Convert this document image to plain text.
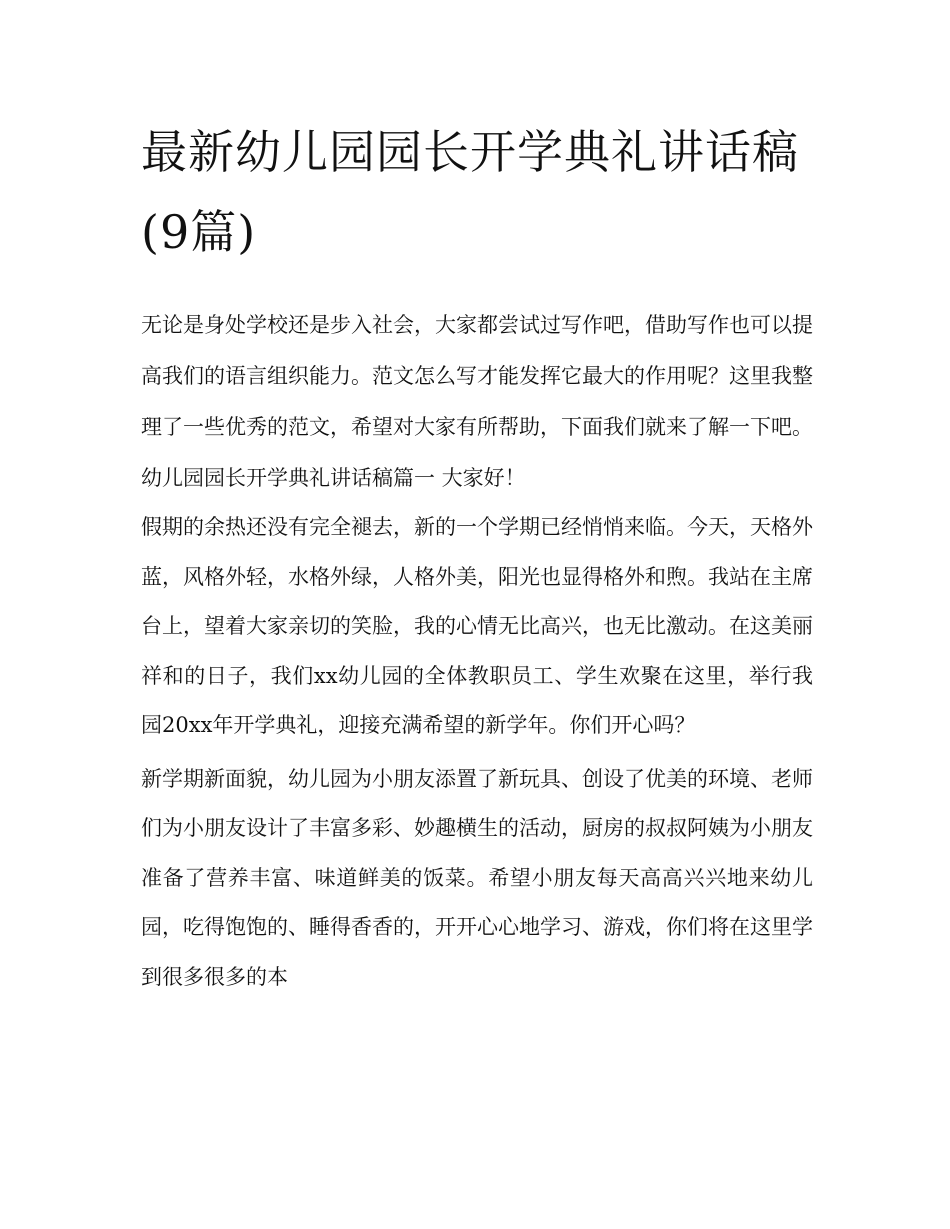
最新幼儿园园长开学典礼讲话稿(9篇)

无论是身处学校还是步入社会，大家都尝试过写作吧，借助写作也可以提高我们的语言组织能力。范文怎么写才能发挥它最大的作用呢？这里我整理了一些优秀的范文，希望对大家有所帮助，下面我们就来了解一下吧。

幼儿园园长开学典礼讲话稿篇一 大家好！

假期的余热还没有完全褪去，新的一个学期已经悄悄来临。今天，天格外蓝，风格外轻，水格外绿，人格外美，阳光也显得格外和煦。我站在主席台上，望着大家亲切的笑脸，我的心情无比高兴，也无比激动。在这美丽祥和的日子，我们xx幼儿园的全体教职员工、学生欢聚在这里，举行我园20xx年开学典礼，迎接充满希望的新学年。你们开心吗？

新学期新面貌，幼儿园为小朋友添置了新玩具、创设了优美的环境、老师们为小朋友设计了丰富多彩、妙趣横生的活动，厨房的叔叔阿姨为小朋友准备了营养丰富、味道鲜美的饭菜。希望小朋友每天高高兴兴地来幼儿园，吃得饱饱的、睡得香香的，开开心心地学习、游戏，你们将在这里学到很多很多的本
